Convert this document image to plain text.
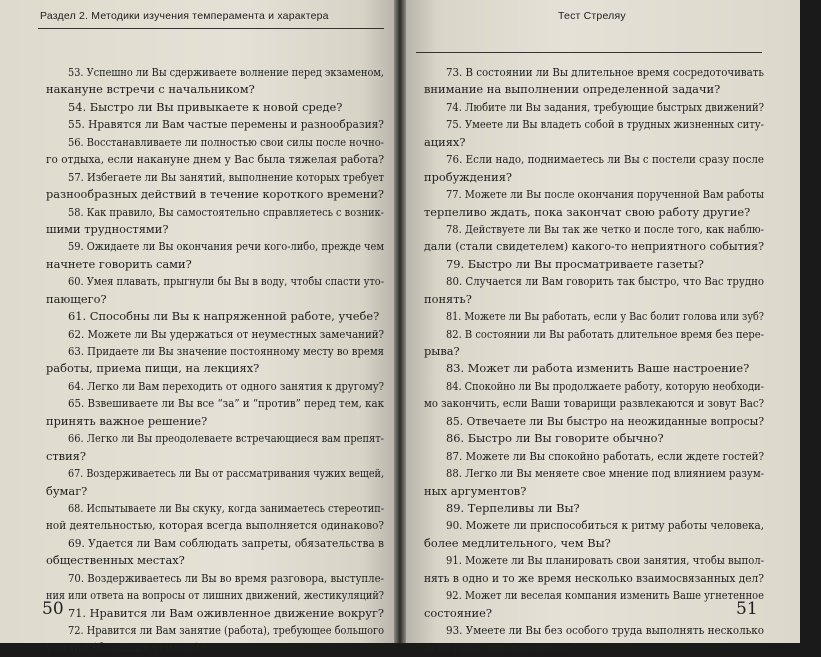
Раздел 2. Методики изучения темперамента и характера
53. Успешно ли Вы сдерживаете волнение перед экзаменом,
накануне встречи с начальником?
54. Быстро ли Вы привыкаете к новой среде?
55. Нравятся ли Вам частые перемены и разнообразия?
56. Восстанавливаете ли полностью свои силы после ночно-
го отдыха, если накануне днем у Вас была тяжелая работа?
57. Избегаете ли Вы занятий, выполнение которых требует
разнообразных действий в течение короткого времени?
58. Как правило, Вы самостоятельно справляетесь с возник-
шими трудностями?
59. Ожидаете ли Вы окончания речи кого-либо, прежде чем
начнете говорить сами?
60. Умея плавать, прыгнули бы Вы в воду, чтобы спасти уто-
пающего?
61. Способны ли Вы к напряженной работе, учебе?
62. Можете ли Вы удержаться от неуместных замечаний?
63. Придаете ли Вы значение постоянному месту во время
работы, приема пищи, на лекциях?
64. Легко ли Вам переходить от одного занятия к другому?
65. Взвешиваете ли Вы все “за” и “против” перед тем, как
принять важное решение?
66. Легко ли Вы преодолеваете встречающиеся вам препят-
ствия?
67. Воздерживаетесь ли Вы от рассматривания чужих вещей,
бумаг?
68. Испытываете ли Вы скуку, когда занимаетесь стереотип-
ной деятельностью, которая всегда выполняется одинаково?
69. Удается ли Вам соблюдать запреты, обязательства в
общественных местах?
70. Воздерживаетесь ли Вы во время разговора, выступле-
ния или ответа на вопросы от лишних движений, жестикуляций?
71. Нравится ли Вам оживленное движение вокруг?
72. Нравится ли Вам занятие (работа), требующее большого
усилия (больших усилий)?
50
Тест Стреляу
73. В состоянии ли Вы длительное время сосредоточивать
внимание на выполнении определенной задачи?
74. Любите ли Вы задания, требующие быстрых движений?
75. Умеете ли Вы владеть собой в трудных жизненных ситу-
ациях?
76. Если надо, поднимаетесь ли Вы с постели сразу после
пробуждения?
77. Можете ли Вы после окончания порученной Вам работы
терпеливо ждать, пока закончат свою работу другие?
78. Действуете ли Вы так же четко и после того, как наблю-
дали (стали свидетелем) какого-то неприятного события?
79. Быстро ли Вы просматриваете газеты?
80. Случается ли Вам говорить так быстро, что Вас трудно
понять?
81. Можете ли Вы работать, если у Вас болит голова или зуб?
82. В состоянии ли Вы работать длительное время без пере-
рыва?
83. Может ли работа изменить Ваше настроение?
84. Спокойно ли Вы продолжаете работу, которую необходи-
мо закончить, если Ваши товарищи развлекаются и зовут Вас?
85. Отвечаете ли Вы быстро на неожиданные вопросы?
86. Быстро ли Вы говорите обычно?
87. Можете ли Вы спокойно работать, если ждете гостей?
88. Легко ли Вы меняете свое мнение под влиянием разум-
ных аргументов?
89. Терпеливы ли Вы?
90. Можете ли приспособиться к ритму работы человека,
более медлительного, чем Вы?
91. Можете ли Вы планировать свои занятия, чтобы выпол-
нять в одно и то же время несколько взаимосвязанных дел?
92. Может ли веселая компания изменить Ваше угнетенное
состояние?
93. Умеете ли Вы без особого труда выполнять несколько
действий одновременно?
51
